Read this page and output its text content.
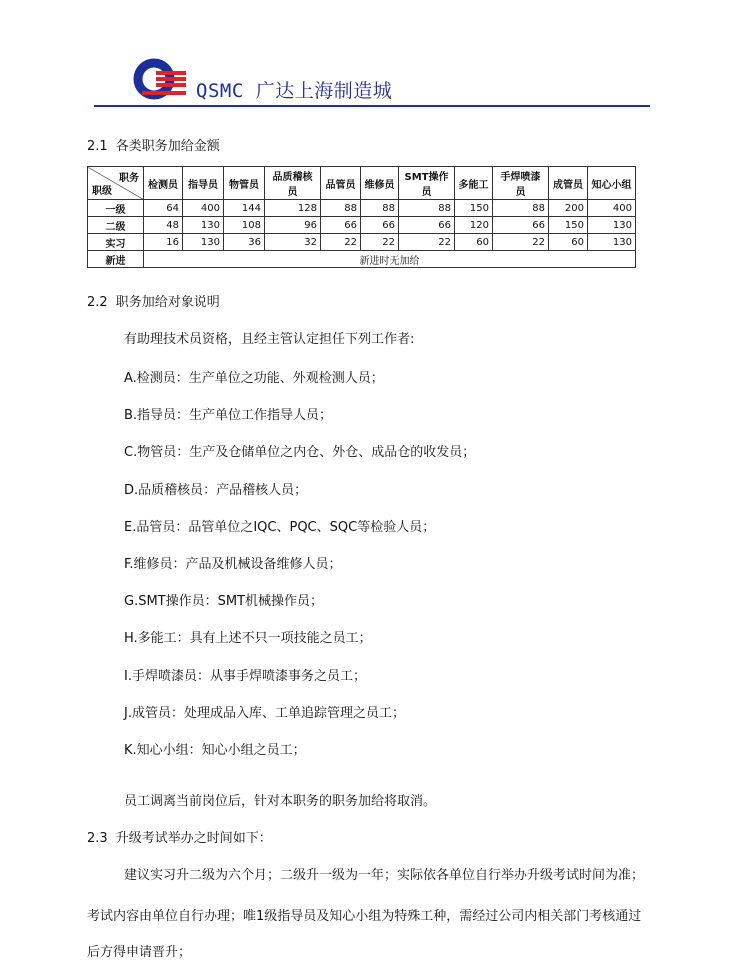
QSMC 广达上海制造城
2.1 各类职务加给金额
职务
职级	检测员	指导员	物管员	品质稽核员	品管员	维修员	SMT操作员	多能工	手焊喷漆员	成管员	知心小组
一级	64	400	144	128	88	88	88	150	88	200	400
二级	48	130	108	96	66	66	66	120	66	150	130
实习	16	130	36	32	22	22	22	60	22	60	130
新进	新进时无加给										
2.2 职务加给对象说明
有助理技术员资格，且经主管认定担任下列工作者:
A.检测员：生产单位之功能、外观检测人员；
B.指导员：生产单位工作指导人员；
C.物管员：生产及仓储单位之内仓、外仓、成品仓的收发员；
D.品质稽核员：产品稽核人员；
E.品管员：品管单位之IQC、PQC、SQC等检验人员；
F.维修员：产品及机械设备维修人员；
G.SMT操作员：SMT机械操作员；
H.多能工：具有上述不只一项技能之员工；
I.手焊喷漆员：从事手焊喷漆事务之员工；
J.成管员：处理成品入库、工单追踪管理之员工；
K.知心小组：知心小组之员工；
员工调离当前岗位后，针对本职务的职务加给将取消。
2.3 升级考试举办之时间如下：
建议实习升二级为六个月；二级升一级为一年；实际依各单位自行举办升级考试时间为准；
考试内容由单位自行办理；唯1级指导员及知心小组为特殊工种，需经过公司内相关部门考核通过
后方得申请晋升；
